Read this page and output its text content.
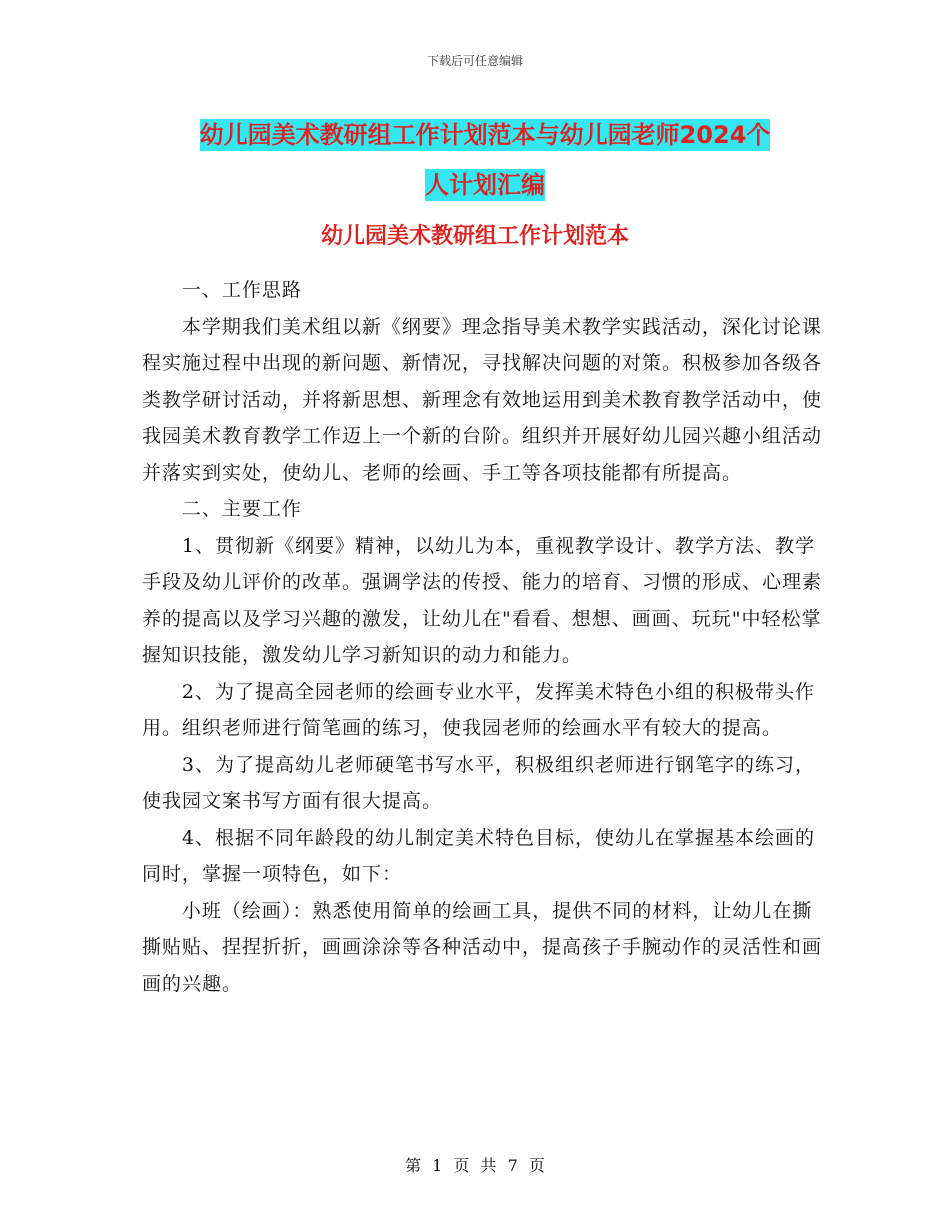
下载后可任意编辑
幼儿园美术教研组工作计划范本与幼儿园老师2024个
人计划汇编
幼儿园美术教研组工作计划范本

一、工作思路

本学期我们美术组以新《纲要》理念指导美术教学实践活动，深化讨论课程实施过程中出现的新问题、新情况，寻找解决问题的对策。积极参加各级各类教学研讨活动，并将新思想、新理念有效地运用到美术教育教学活动中，使我园美术教育教学工作迈上一个新的台阶。组织并开展好幼儿园兴趣小组活动并落实到实处，使幼儿、老师的绘画、手工等各项技能都有所提高。

二、主要工作

1、贯彻新《纲要》精神，以幼儿为本，重视教学设计、教学方法、教学手段及幼儿评价的改革。强调学法的传授、能力的培育、习惯的形成、心理素养的提高以及学习兴趣的激发，让幼儿在"看看、想想、画画、玩玩"中轻松掌握知识技能，激发幼儿学习新知识的动力和能力。

2、为了提高全园老师的绘画专业水平，发挥美术特色小组的积极带头作用。组织老师进行简笔画的练习，使我园老师的绘画水平有较大的提高。

3、为了提高幼儿老师硬笔书写水平，积极组织老师进行钢笔字的练习，使我园文案书写方面有很大提高。

4、根据不同年龄段的幼儿制定美术特色目标，使幼儿在掌握基本绘画的同时，掌握一项特色，如下：

小班（绘画）：熟悉使用简单的绘画工具，提供不同的材料，让幼儿在撕撕贴贴、捏捏折折，画画涂涂等各种活动中，提高孩子手腕动作的灵活性和画画的兴趣。

第 1 页 共 7 页
